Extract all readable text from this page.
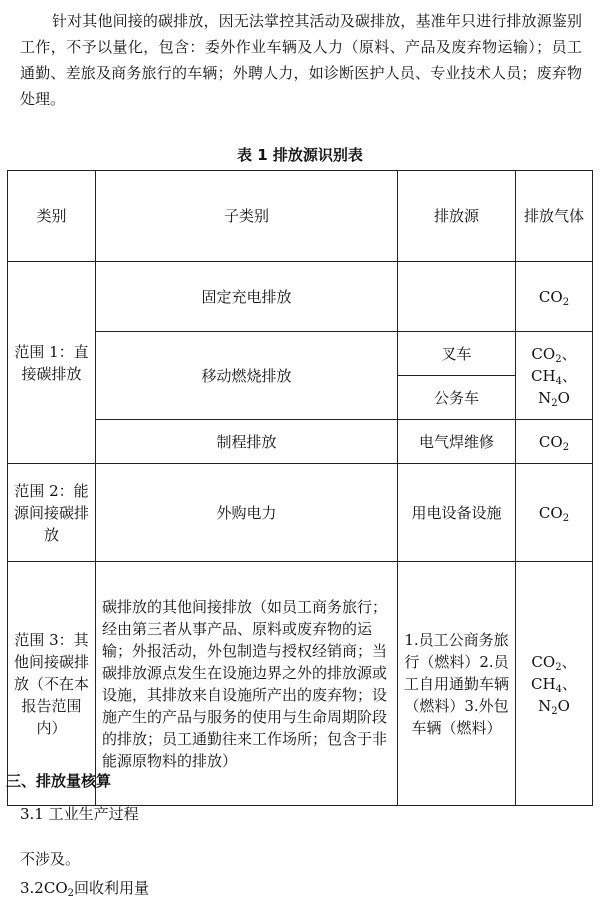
针对其他间接的碳排放，因无法掌控其活动及碳排放，基准年只进行排放源鉴别工作，不予以量化，包含：委外作业车辆及人力（原料、产品及废弃物运输）；员工通勤、差旅及商务旅行的车辆；外聘人力，如诊断医护人员、专业技术人员；废弃物处理。

表 1 排放源识别表
类别	子类别	排放源	排放气体
范围 1：直接碳排放	固定充电排放		$CO_2$
	移动燃烧排放	叉车	$CO_2$、
$CH_4$、
$N_2O$

		公务车	
	制程排放	电气焊维修	$CO_2$
范围 2：能源间接碳排放	外购电力	用电设备设施	$CO_2$
范围 3：其他间接碳排放（不在本报告范围内）	碳排放的其他间接排放（如员工商务旅行；经由第三者从事产品、原料或废弃物的运输；外报活动，外包制造与授权经销商；当碳排放源点发生在设施边界之外的排放源或设施，其排放来自设施所产出的废弃物；设施产生的产品与服务的使用与生命周期阶段的排放；员工通勤往来工作场所；包含于非能源原物料的排放）	1.员工公商务旅行（燃料）2.员工自用通勤车辆（燃料）3.外包车辆（燃料）	$CO_2$、
$CH_4$、
$N_2O$
三、排放量核算
3.1 工业生产过程
不涉及。
$3.2CO_2$回收利用量
